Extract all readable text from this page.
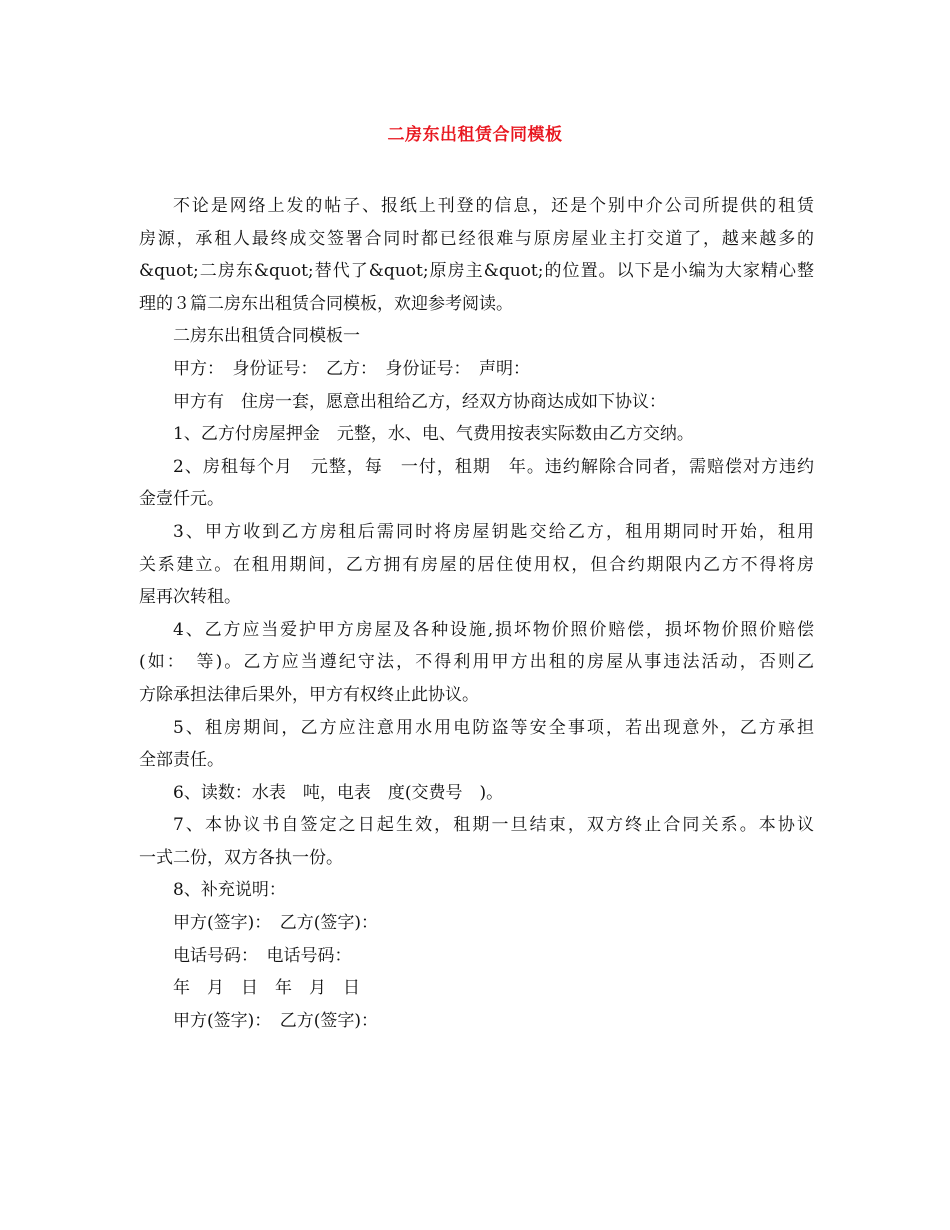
二房东出租赁合同模板
不论是网络上发的帖子、报纸上刊登的信息，还是个别中介公司所提供的租赁
房源，承租人最终成交签署合同时都已经很难与原房屋业主打交道了，越来越多的
&quot;二房东&quot;替代了&quot;原房主&quot;的位置。以下是小编为大家精心整
理的３篇二房东出租赁合同模板，欢迎参考阅读。
二房东出租赁合同模板一
甲方：　身份证号：　乙方：　身份证号：　声明：
甲方有　住房一套，愿意出租给乙方，经双方协商达成如下协议：
1、乙方付房屋押金　元整，水、电、气费用按表实际数由乙方交纳。
2、房租每个月　元整，每　一付，租期　年。违约解除合同者，需赔偿对方违约
金壹仟元。
3、甲方收到乙方房租后需同时将房屋钥匙交给乙方，租用期同时开始，租用
关系建立。在租用期间，乙方拥有房屋的居住使用权，但合约期限内乙方不得将房
屋再次转租。
4、乙方应当爱护甲方房屋及各种设施,损坏物价照价赔偿，损坏物价照价赔偿
(如：　等)。乙方应当遵纪守法，不得利用甲方出租的房屋从事违法活动，否则乙
方除承担法律后果外，甲方有权终止此协议。
5、租房期间，乙方应注意用水用电防盗等安全事项，若出现意外，乙方承担
全部责任。
6、读数：水表　吨，电表　度(交费号　)。
7、本协议书自签定之日起生效，租期一旦结束，双方终止合同关系。本协议
一式二份，双方各执一份。
8、补充说明：
甲方(签字)：　乙方(签字)：
电话号码：　电话号码：
年　月　日　年　月　日
甲方(签字)：　乙方(签字)：
